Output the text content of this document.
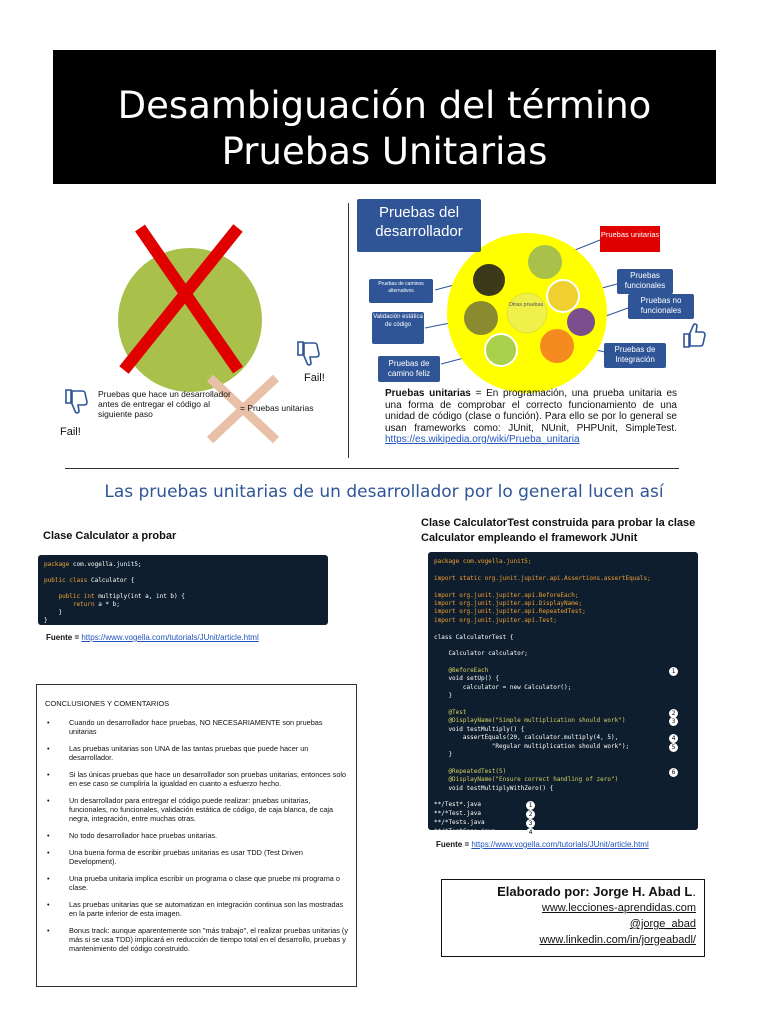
Desambiguación del término
Pruebas Unitarias
Fail!
Fail!
Pruebas que hace un desarrollador antes de entregar el código al siguiente paso
= Pruebas unitarias
Otras pruebas
Pruebas del desarrollador	Pruebas unitarias
Pruebas funcionales
Pruebas no funcionales
Pruebas de Integración
Pruebas de camino feliz
Validación estática de código
Pruebas de caminos alternativos
Pruebas unitarias = En programación, una prueba unitaria es una forma de comprobar el correcto funcionamiento de una unidad de código (clase o función). Para ello se por lo general se usan frameworks como: JUnit, NUnit, PHPUnit, SimpleTest. https://es.wikipedia.org/wiki/Prueba_unitaria
Las pruebas unitarias de un desarrollador por lo general lucen así
Clase Calculator a probar
package com.vogella.junit5;

public class Calculator {

public int multiply(int a, int b) {
return a * b;
}
}
Fuente = https://www.vogella.com/tutorials/JUnit/article.html
Clase CalculatorTest construida para probar la clase Calculator empleando el framework JUnit
package com.vogella.junit5;
import static org.junit.jupiter.api.Assertions.assertEquals;
import org.junit.jupiter.api.BeforeEach;
import org.junit.jupiter.api.DisplayName;
import org.junit.jupiter.api.RepeatedTest;
import org.junit.jupiter.api.Test;
class CalculatorTest {
Calculator calculator;
@BeforeEach	1
void setUp() {
calculator = new Calculator();
}
@Test	2
@DisplayName("Simple multiplication should work")	3
void testMultiply() {
assertEquals(20, calculator.multiply(4, 5),	4
"Regular multiplication should work");	5
}
@RepeatedTest(5)	6
@DisplayName("Ensure correct handling of zero")
void testMultiplyWithZero() {
**/Test*.java	1
**/*Test.java	2
**/*Tests.java	3
**/*TestCase.java	4
Fuente = https://www.vogella.com/tutorials/JUnit/article.html
CONCLUSIONES Y COMENTARIOS
• Cuando un desarrollador hace pruebas, NO NECESARIAMENTE son pruebas unitarias
• Las pruebas unitarias son UNA de las tantas pruebas que puede hacer un desarrollador.
• Si las únicas pruebas que hace un desarrollador son pruebas unitarias, entonces solo en ese caso se cumpliría la igualdad en cuanto a esfuerzo hecho.
• Un desarrollador para entregar el código puede realizar: pruebas unitarias, funcionales, no funcionales, validación estática de código, de caja blanca, de caja negra, integración, entre muchas otras.
• No todo desarrollador hace pruebas unitarias.
• Una buena forma de escribir pruebas unitarias es usar TDD (Test Driven Development).
• Una prueba unitaria implica escribir un programa o clase que pruebe mi programa o clase.
• Las pruebas unitarias que se automatizan en integración continua son las mostradas en la parte inferior de esta imagen.
• Bonus track: aunque aparentemente son "más trabajo", el realizar pruebas unitarias (y más si se usa TDD) implicará en reducción de tiempo total en el desarrollo, pruebas y mantenimiento del código construido.
Elaborado por: Jorge H. Abad L.
www.lecciones-aprendidas.com
@jorge_abad
www.linkedin.com/in/jorgeabadl/
